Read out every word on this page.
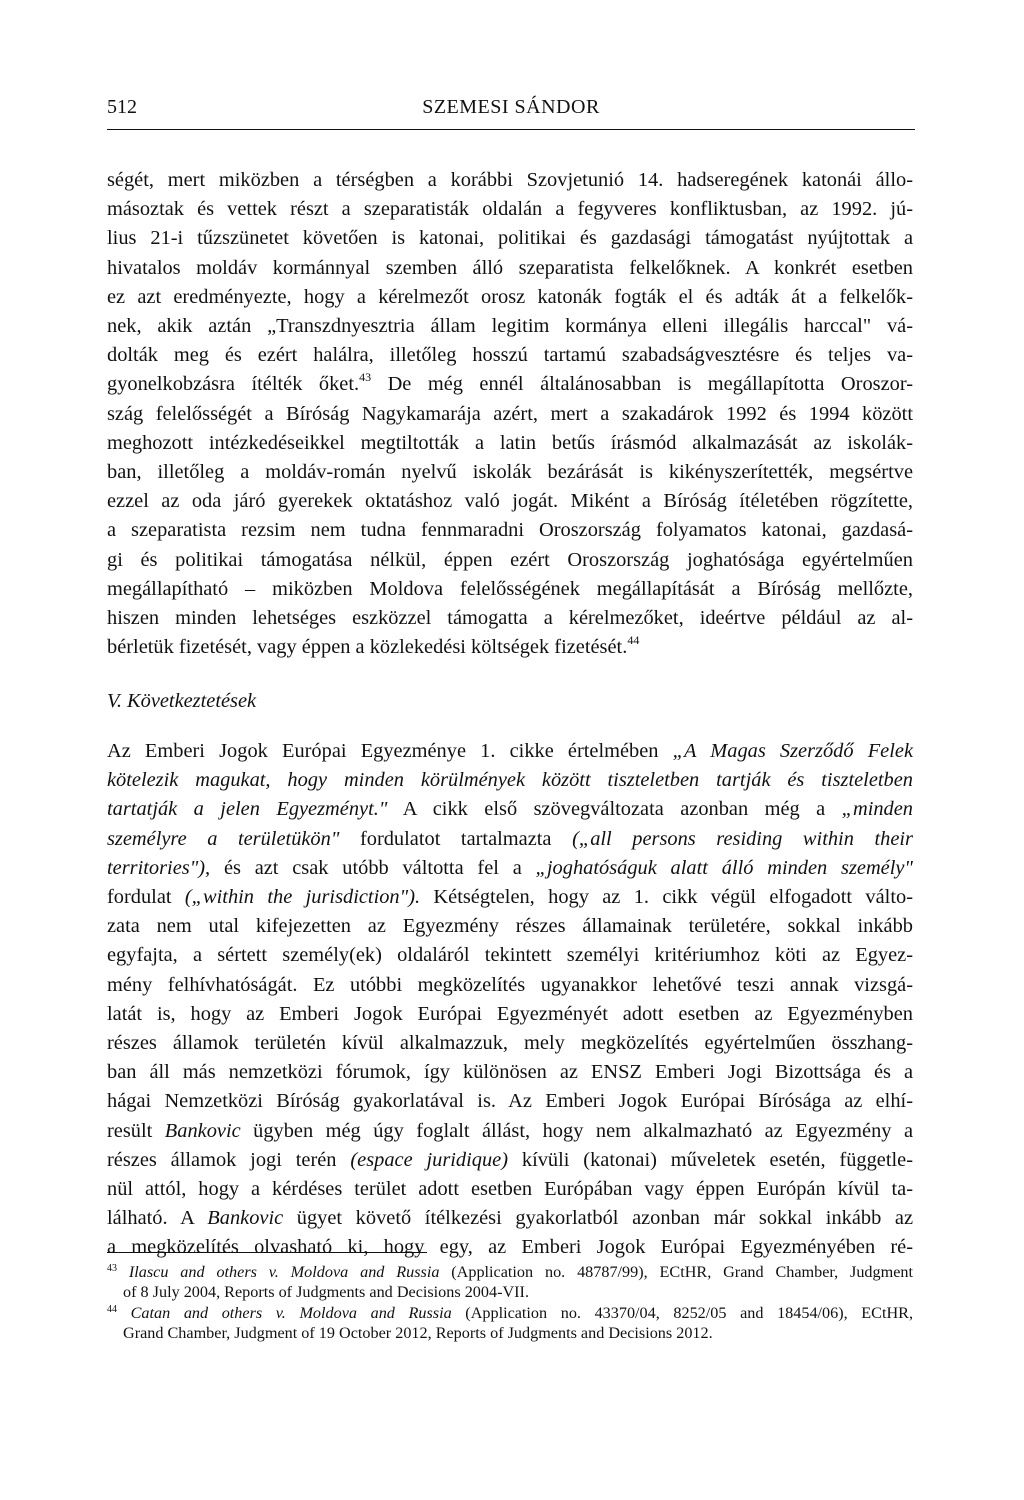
512	SZEMESI SÁNDOR
ségét, mert miközben a térségben a korábbi Szovjetunió 14. hadseregének katonái állo-
másoztak és vettek részt a szeparatisták oldalán a fegyveres konfliktusban, az 1992. jú-
lius 21-i tűzszünetet követően is katonai, politikai és gazdasági támogatást nyújtottak a
hivatalos moldáv kormánnyal szemben álló szeparatista felkelőknek. A konkrét esetben
ez azt eredményezte, hogy a kérelmezőt orosz katonák fogták el és adták át a felkelők-
nek, akik aztán „Transzdnyesztria állam legitim kormánya elleni illegális harccal" vá-
dolták meg és ezért halálra, illetőleg hosszú tartamú szabadságvesztésre és teljes va-
gyonelkobzásra ítélték őket.$^{43}$ De még ennél általánosabban is megállapította Oroszor-
szág felelősségét a Bíróság Nagykamarája azért, mert a szakadárok 1992 és 1994 között
meghozott intézkedéseikkel megtiltották a latin betűs írásmód alkalmazását az iskolák-
ban, illetőleg a moldáv-román nyelvű iskolák bezárását is kikényszerítették, megsértve
ezzel az oda járó gyerekek oktatáshoz való jogát. Miként a Bíróság ítéletében rögzítette,
a szeparatista rezsim nem tudna fennmaradni Oroszország folyamatos katonai, gazdasá-
gi és politikai támogatása nélkül, éppen ezért Oroszország joghatósága egyértelműen
megállapítható – miközben Moldova felelősségének megállapítását a Bíróság mellőzte,
hiszen minden lehetséges eszközzel támogatta a kérelmezőket, ideértve például az al-
bérletük fizetését, vagy éppen a közlekedési költségek fizetését.$^{44}$
V. Következtetések
Az Emberi Jogok Európai Egyezménye 1. cikke értelmében „A Magas Szerződő Felek
kötelezik magukat, hogy minden körülmények között tiszteletben tartják és tiszteletben
tartatják a jelen Egyezményt." A cikk első szövegváltozata azonban még a „minden
személyre a területükön" fordulatot tartalmazta („all persons residing within their
territories"), és azt csak utóbb váltotta fel a „joghatóságuk alatt álló minden személy"
fordulat („within the jurisdiction"). Kétségtelen, hogy az 1. cikk végül elfogadott válto-
zata nem utal kifejezetten az Egyezmény részes államainak területére, sokkal inkább
egyfajta, a sértett személy(ek) oldaláról tekintett személyi kritériumhoz köti az Egyez-
mény felhívhatóságát. Ez utóbbi megközelítés ugyanakkor lehetővé teszi annak vizsgá-
latát is, hogy az Emberi Jogok Európai Egyezményét adott esetben az Egyezményben
részes államok területén kívül alkalmazzuk, mely megközelítés egyértelműen összhang-
ban áll más nemzetközi fórumok, így különösen az ENSZ Emberi Jogi Bizottsága és a
hágai Nemzetközi Bíróság gyakorlatával is. Az Emberi Jogok Európai Bírósága az elhí-
resült Bankovic ügyben még úgy foglalt állást, hogy nem alkalmazható az Egyezmény a
részes államok jogi terén (espace juridique) kívüli (katonai) műveletek esetén, függetle-
nül attól, hogy a kérdéses terület adott esetben Európában vagy éppen Európán kívül ta-
lálható. A Bankovic ügyet követő ítélkezési gyakorlatból azonban már sokkal inkább az
a megközelítés olvasható ki, hogy egy, az Emberi Jogok Európai Egyezményében ré-
$^{43}$ Ilascu and others v. Moldova and Russia (Application no. 48787/99), ECtHR, Grand Chamber, Judgment
of 8 July 2004, Reports of Judgments and Decisions 2004-VII.
$^{44}$ Catan and others v. Moldova and Russia (Application no. 43370/04, 8252/05 and 18454/06), ECtHR,
Grand Chamber, Judgment of 19 October 2012, Reports of Judgments and Decisions 2012.
